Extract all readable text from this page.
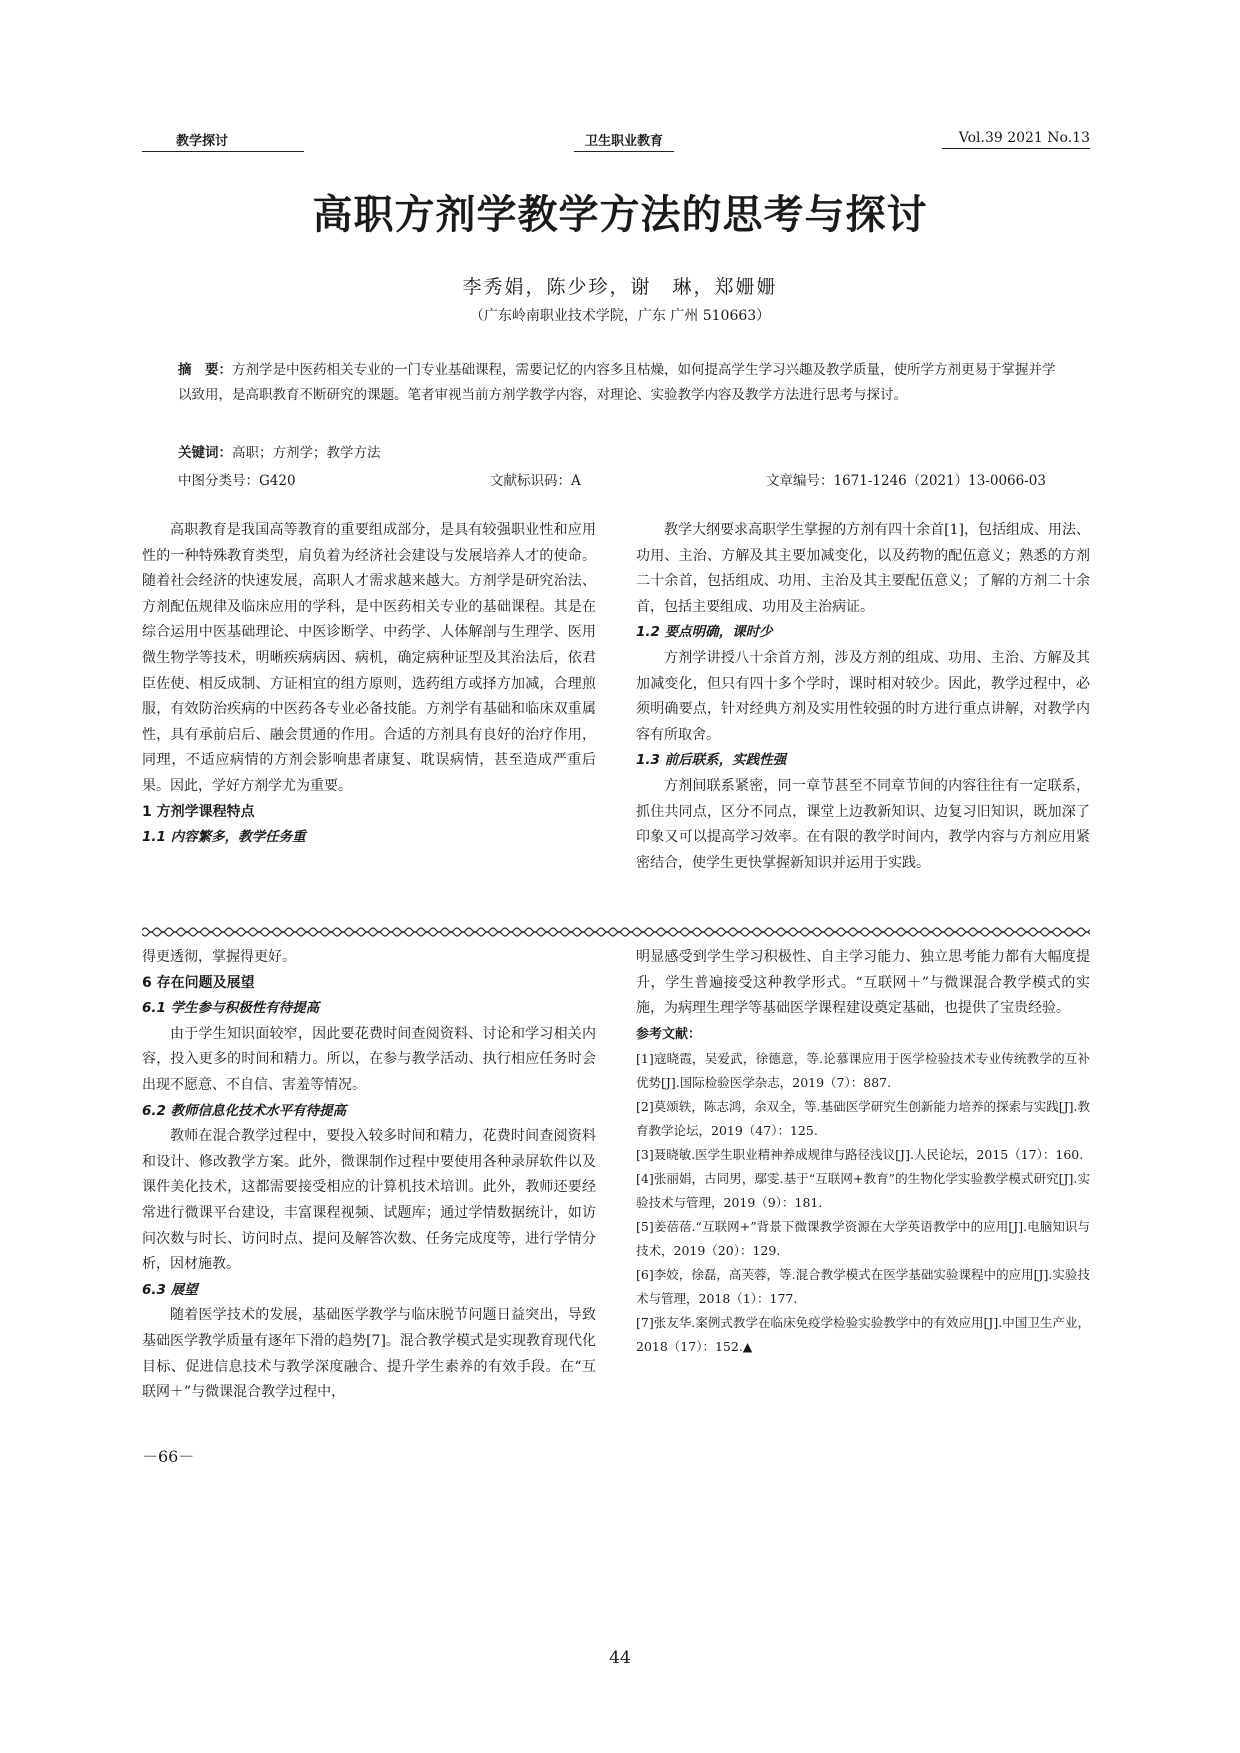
教学探讨	卫生职业教育	Vol.39 2021 No.13
高职方剂学教学方法的思考与探讨
李秀娟，陈少珍，谢　琳，郑姗姗
（广东岭南职业技术学院，广东 广州 510663）
摘　要：方剂学是中医药相关专业的一门专业基础课程，需要记忆的内容多且枯燥，如何提高学生学习兴趣及教学质量，使所学方剂更易于掌握并学以致用，是高职教育不断研究的课题。笔者审视当前方剂学教学内容，对理论、实验教学内容及教学方法进行思考与探讨。
关键词：高职；方剂学；教学方法
中图分类号：G420	文献标识码：A	文章编号：1671-1246（2021）13-0066-03

高职教育是我国高等教育的重要组成部分，是具有较强职业性和应用性的一种特殊教育类型，肩负着为经济社会建设与发展培养人才的使命。随着社会经济的快速发展，高职人才需求越来越大。方剂学是研究治法、方剂配伍规律及临床应用的学科，是中医药相关专业的基础课程。其是在综合运用中医基础理论、中医诊断学、中药学、人体解剖与生理学、医用微生物学等技术，明晰疾病病因、病机，确定病种证型及其治法后，依君臣佐使、相反成制、方证相宜的组方原则，选药组方或择方加减，合理煎服，有效防治疾病的中医药各专业必备技能。方剂学有基础和临床双重属性，具有承前启后、融会贯通的作用。合适的方剂具有良好的治疗作用，同理，不适应病情的方剂会影响患者康复、耽误病情，甚至造成严重后果。因此，学好方剂学尤为重要。

1 方剂学课程特点
1.1 内容繁多，教学任务重

教学大纲要求高职学生掌握的方剂有四十余首[1]，包括组成、用法、功用、主治、方解及其主要加减变化，以及药物的配伍意义；熟悉的方剂二十余首，包括组成、功用、主治及其主要配伍意义；了解的方剂二十余首，包括主要组成、功用及主治病证。

1.2 要点明确，课时少

方剂学讲授八十余首方剂，涉及方剂的组成、功用、主治、方解及其加减变化，但只有四十多个学时，课时相对较少。因此，教学过程中，必须明确要点，针对经典方剂及实用性较强的时方进行重点讲解，对教学内容有所取舍。

1.3 前后联系，实践性强

方剂间联系紧密，同一章节甚至不同章节间的内容往往有一定联系，抓住共同点，区分不同点，课堂上边教新知识、边复习旧知识，既加深了印象又可以提高学习效率。在有限的教学时间内，教学内容与方剂应用紧密结合，使学生更快掌握新知识并运用于实践。

得更透彻，掌握得更好。

6 存在问题及展望
6.1 学生参与积极性有待提高

由于学生知识面较窄，因此要花费时间查阅资料、讨论和学习相关内容，投入更多的时间和精力。所以，在参与教学活动、执行相应任务时会出现不愿意、不自信、害羞等情况。

6.2 教师信息化技术水平有待提高

教师在混合教学过程中，要投入较多时间和精力，花费时间查阅资料和设计、修改教学方案。此外，微课制作过程中要使用各种录屏软件以及课件美化技术，这都需要接受相应的计算机技术培训。此外，教师还要经常进行微课平台建设，丰富课程视频、试题库；通过学情数据统计，如访问次数与时长、访问时点、提问及解答次数、任务完成度等，进行学情分析，因材施教。

6.3 展望

随着医学技术的发展，基础医学教学与临床脱节问题日益突出，导致基础医学教学质量有逐年下滑的趋势[7]。混合教学模式是实现教育现代化目标、促进信息技术与教学深度融合、提升学生素养的有效手段。在“互联网＋”与微课混合教学过程中，

明显感受到学生学习积极性、自主学习能力、独立思考能力都有大幅度提升，学生普遍接受这种教学形式。“互联网＋”与微课混合教学模式的实施，为病理生理学等基础医学课程建设奠定基础，也提供了宝贵经验。

参考文献：

[1]寇晓霞，吴爱武，徐德意，等.论慕课应用于医学检验技术专业传统教学的互补优势[J].国际检验医学杂志，2019（7）：887.

[2]莫颂轶，陈志鸿，余双全，等.基础医学研究生创新能力培养的探索与实践[J].教育教学论坛，2019（47）：125.

[3]聂晓敏.医学生职业精神养成规律与路径浅议[J].人民论坛，2015（17）：160.

[4]张丽娟，古同男，鄢雯.基于“互联网+教育”的生物化学实验教学模式研究[J].实验技术与管理，2019（9）：181.

[5]姜蓓蓓.“互联网+”背景下微课教学资源在大学英语教学中的应用[J].电脑知识与技术，2019（20）：129.

[6]李姣，徐磊，高芙蓉，等.混合教学模式在医学基础实验课程中的应用[J].实验技术与管理，2018（1）：177.

[7]张友华.案例式教学在临床免疫学检验实验教学中的有效应用[J].中国卫生产业，2018（17）：152.▲

－66－
44
